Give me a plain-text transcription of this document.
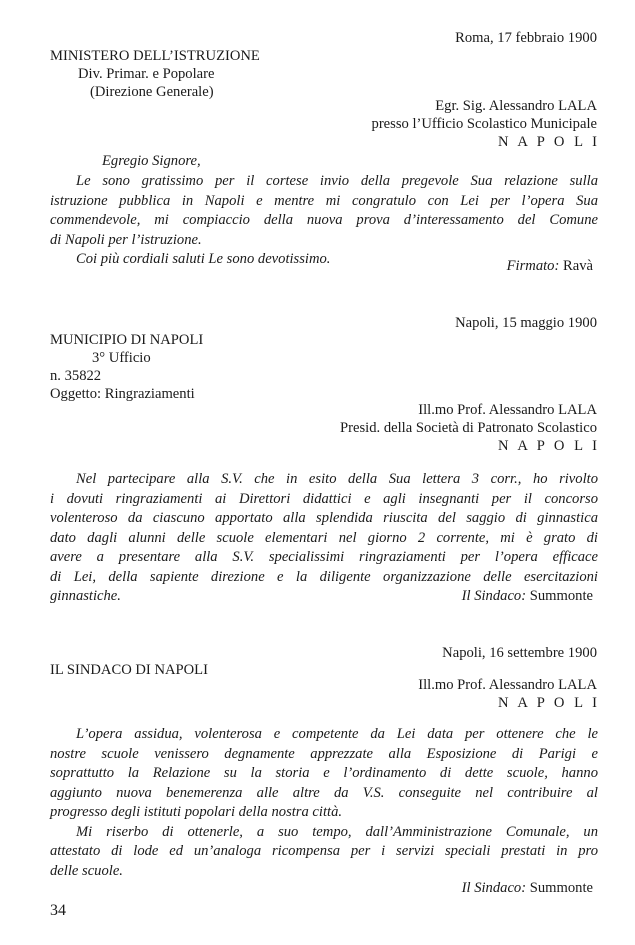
Roma, 17 febbraio 1900
MINISTERO DELL’ISTRUZIONE
Div. Primar. e Popolare
(Direzione Generale)
Egr. Sig. Alessandro LALA
presso l’Ufficio Scolastico Municipale
N A P O L I
Egregio Signore,
Le sono gratissimo per il cortese invio della pregevole Sua relazione sulla
istruzione pubblica in Napoli e mentre mi congratulo con Lei per l’opera Sua
commendevole, mi compiaccio della nuova prova d’interessamento del Comune
di Napoli per l’istruzione.
Coi più cordiali saluti Le sono devotissimo.	Firmato: Ravà
Napoli, 15 maggio 1900
MUNICIPIO DI NAPOLI
3° Ufficio
n. 35822
Oggetto: Ringraziamenti
Ill.mo Prof. Alessandro LALA
Presid. della Società di Patronato Scolastico
N A P O L I
Nel partecipare alla S.V. che in esito della Sua lettera 3 corr., ho rivolto
i dovuti ringraziamenti ai Direttori didattici e agli insegnanti per il concorso
volenteroso da ciascuno apportato alla splendida riuscita del saggio di ginnastica
dato dagli alunni delle scuole elementari nel giorno 2 corrente, mi è grato di
avere a presentare alla S.V. specialissimi ringraziamenti per l’opera efficace
di Lei, della sapiente direzione e la diligente organizzazione delle esercitazioni
ginnastiche.	Il Sindaco: Summonte
Napoli, 16 settembre 1900
IL SINDACO DI NAPOLI
Ill.mo Prof. Alessandro LALA
N A P O L I
L’opera assidua, volenterosa e competente da Lei data per ottenere che le
nostre scuole venissero degnamente apprezzate alla Esposizione di Parigi e
soprattutto la Relazione su la storia e l’ordinamento di dette scuole, hanno
aggiunto nuova benemerenza alle altre da V.S. conseguite nel contribuire al
progresso degli istituti popolari della nostra città.
Mi riserbo di ottenerle, a suo tempo, dall’Amministrazione Comunale, un
attestato di lode ed un’analoga ricompensa per i servizi speciali prestati in pro
delle scuole.
Il Sindaco: Summonte
34
